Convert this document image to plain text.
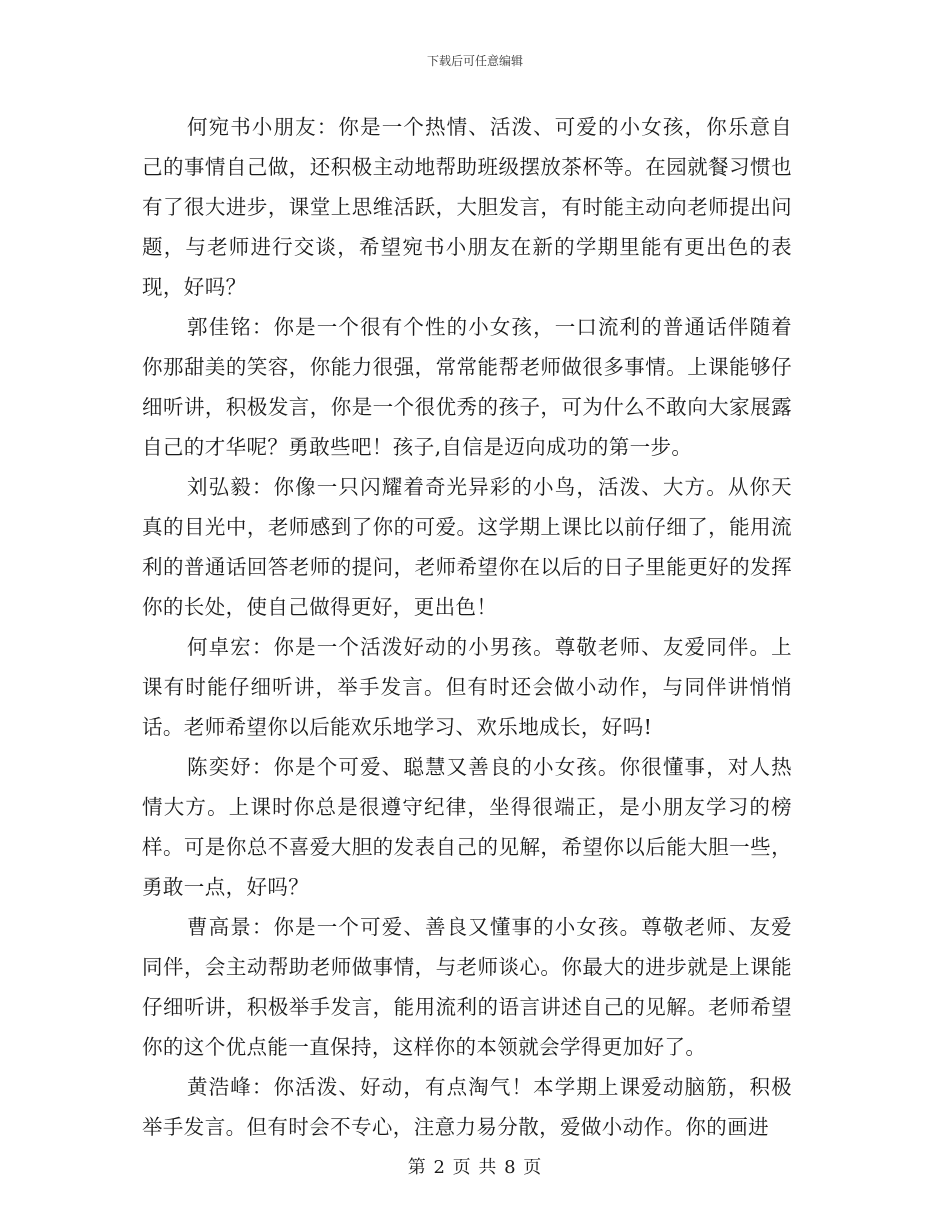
下载后可任意编辑

何宛书小朋友：你是一个热情、活泼、可爱的小女孩，你乐意自己的事情自己做，还积极主动地帮助班级摆放茶杯等。在园就餐习惯也有了很大进步，课堂上思维活跃，大胆发言，有时能主动向老师提出问题，与老师进行交谈，希望宛书小朋友在新的学期里能有更出色的表现，好吗？

郭佳铭：你是一个很有个性的小女孩，一口流利的普通话伴随着你那甜美的笑容，你能力很强，常常能帮老师做很多事情。上课能够仔细听讲，积极发言，你是一个很优秀的孩子，可为什么不敢向大家展露自己的才华呢？勇敢些吧！孩子,自信是迈向成功的第一步。

刘弘毅：你像一只闪耀着奇光异彩的小鸟，活泼、大方。从你天真的目光中，老师感到了你的可爱。这学期上课比以前仔细了，能用流利的普通话回答老师的提问，老师希望你在以后的日子里能更好的发挥你的长处，使自己做得更好，更出色！

何卓宏：你是一个活泼好动的小男孩。尊敬老师、友爱同伴。上课有时能仔细听讲，举手发言。但有时还会做小动作，与同伴讲悄悄话。老师希望你以后能欢乐地学习、欢乐地成长，好吗!

陈奕妤：你是个可爱、聪慧又善良的小女孩。你很懂事，对人热情大方。上课时你总是很遵守纪律，坐得很端正，是小朋友学习的榜样。可是你总不喜爱大胆的发表自己的见解，希望你以后能大胆一些，勇敢一点，好吗？

曹高景：你是一个可爱、善良又懂事的小女孩。尊敬老师、友爱同伴，会主动帮助老师做事情，与老师谈心。你最大的进步就是上课能仔细听讲，积极举手发言，能用流利的语言讲述自己的见解。老师希望你的这个优点能一直保持，这样你的本领就会学得更加好了。

黄浩峰：你活泼、好动，有点淘气！本学期上课爱动脑筋，积极举手发言。但有时会不专心，注意力易分散，爱做小动作。你的画进

第 2 页 共 8 页
